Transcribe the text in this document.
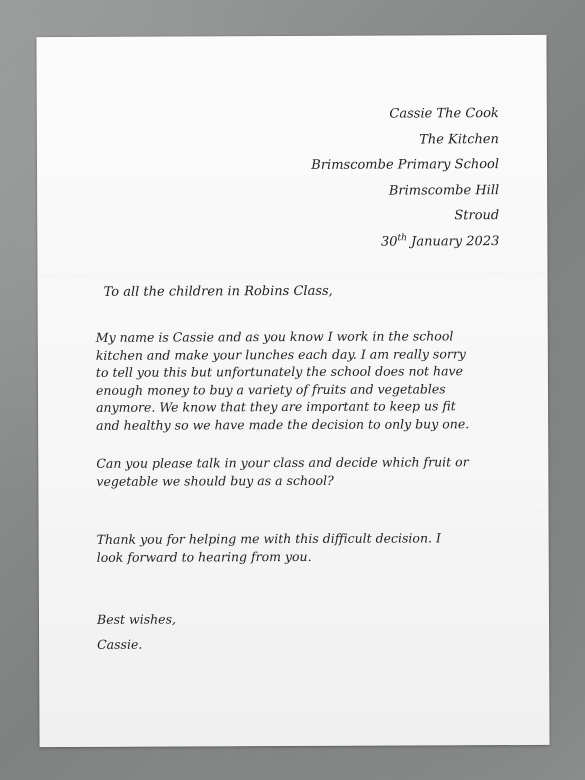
Cassie The Cook
The Kitchen
Brimscombe Primary School
Brimscombe Hill
Stroud
30th January 2023
To all the children in Robins Class,
My name is Cassie and as you know I work in the school
kitchen and make your lunches each day. I am really sorry
to tell you this but unfortunately the school does not have
enough money to buy a variety of fruits and vegetables
anymore. We know that they are important to keep us fit
and healthy so we have made the decision to only buy one.
Can you please talk in your class and decide which fruit or
vegetable we should buy as a school?
Thank you for helping me with this difficult decision. I
look forward to hearing from you.
Best wishes,
Cassie.
